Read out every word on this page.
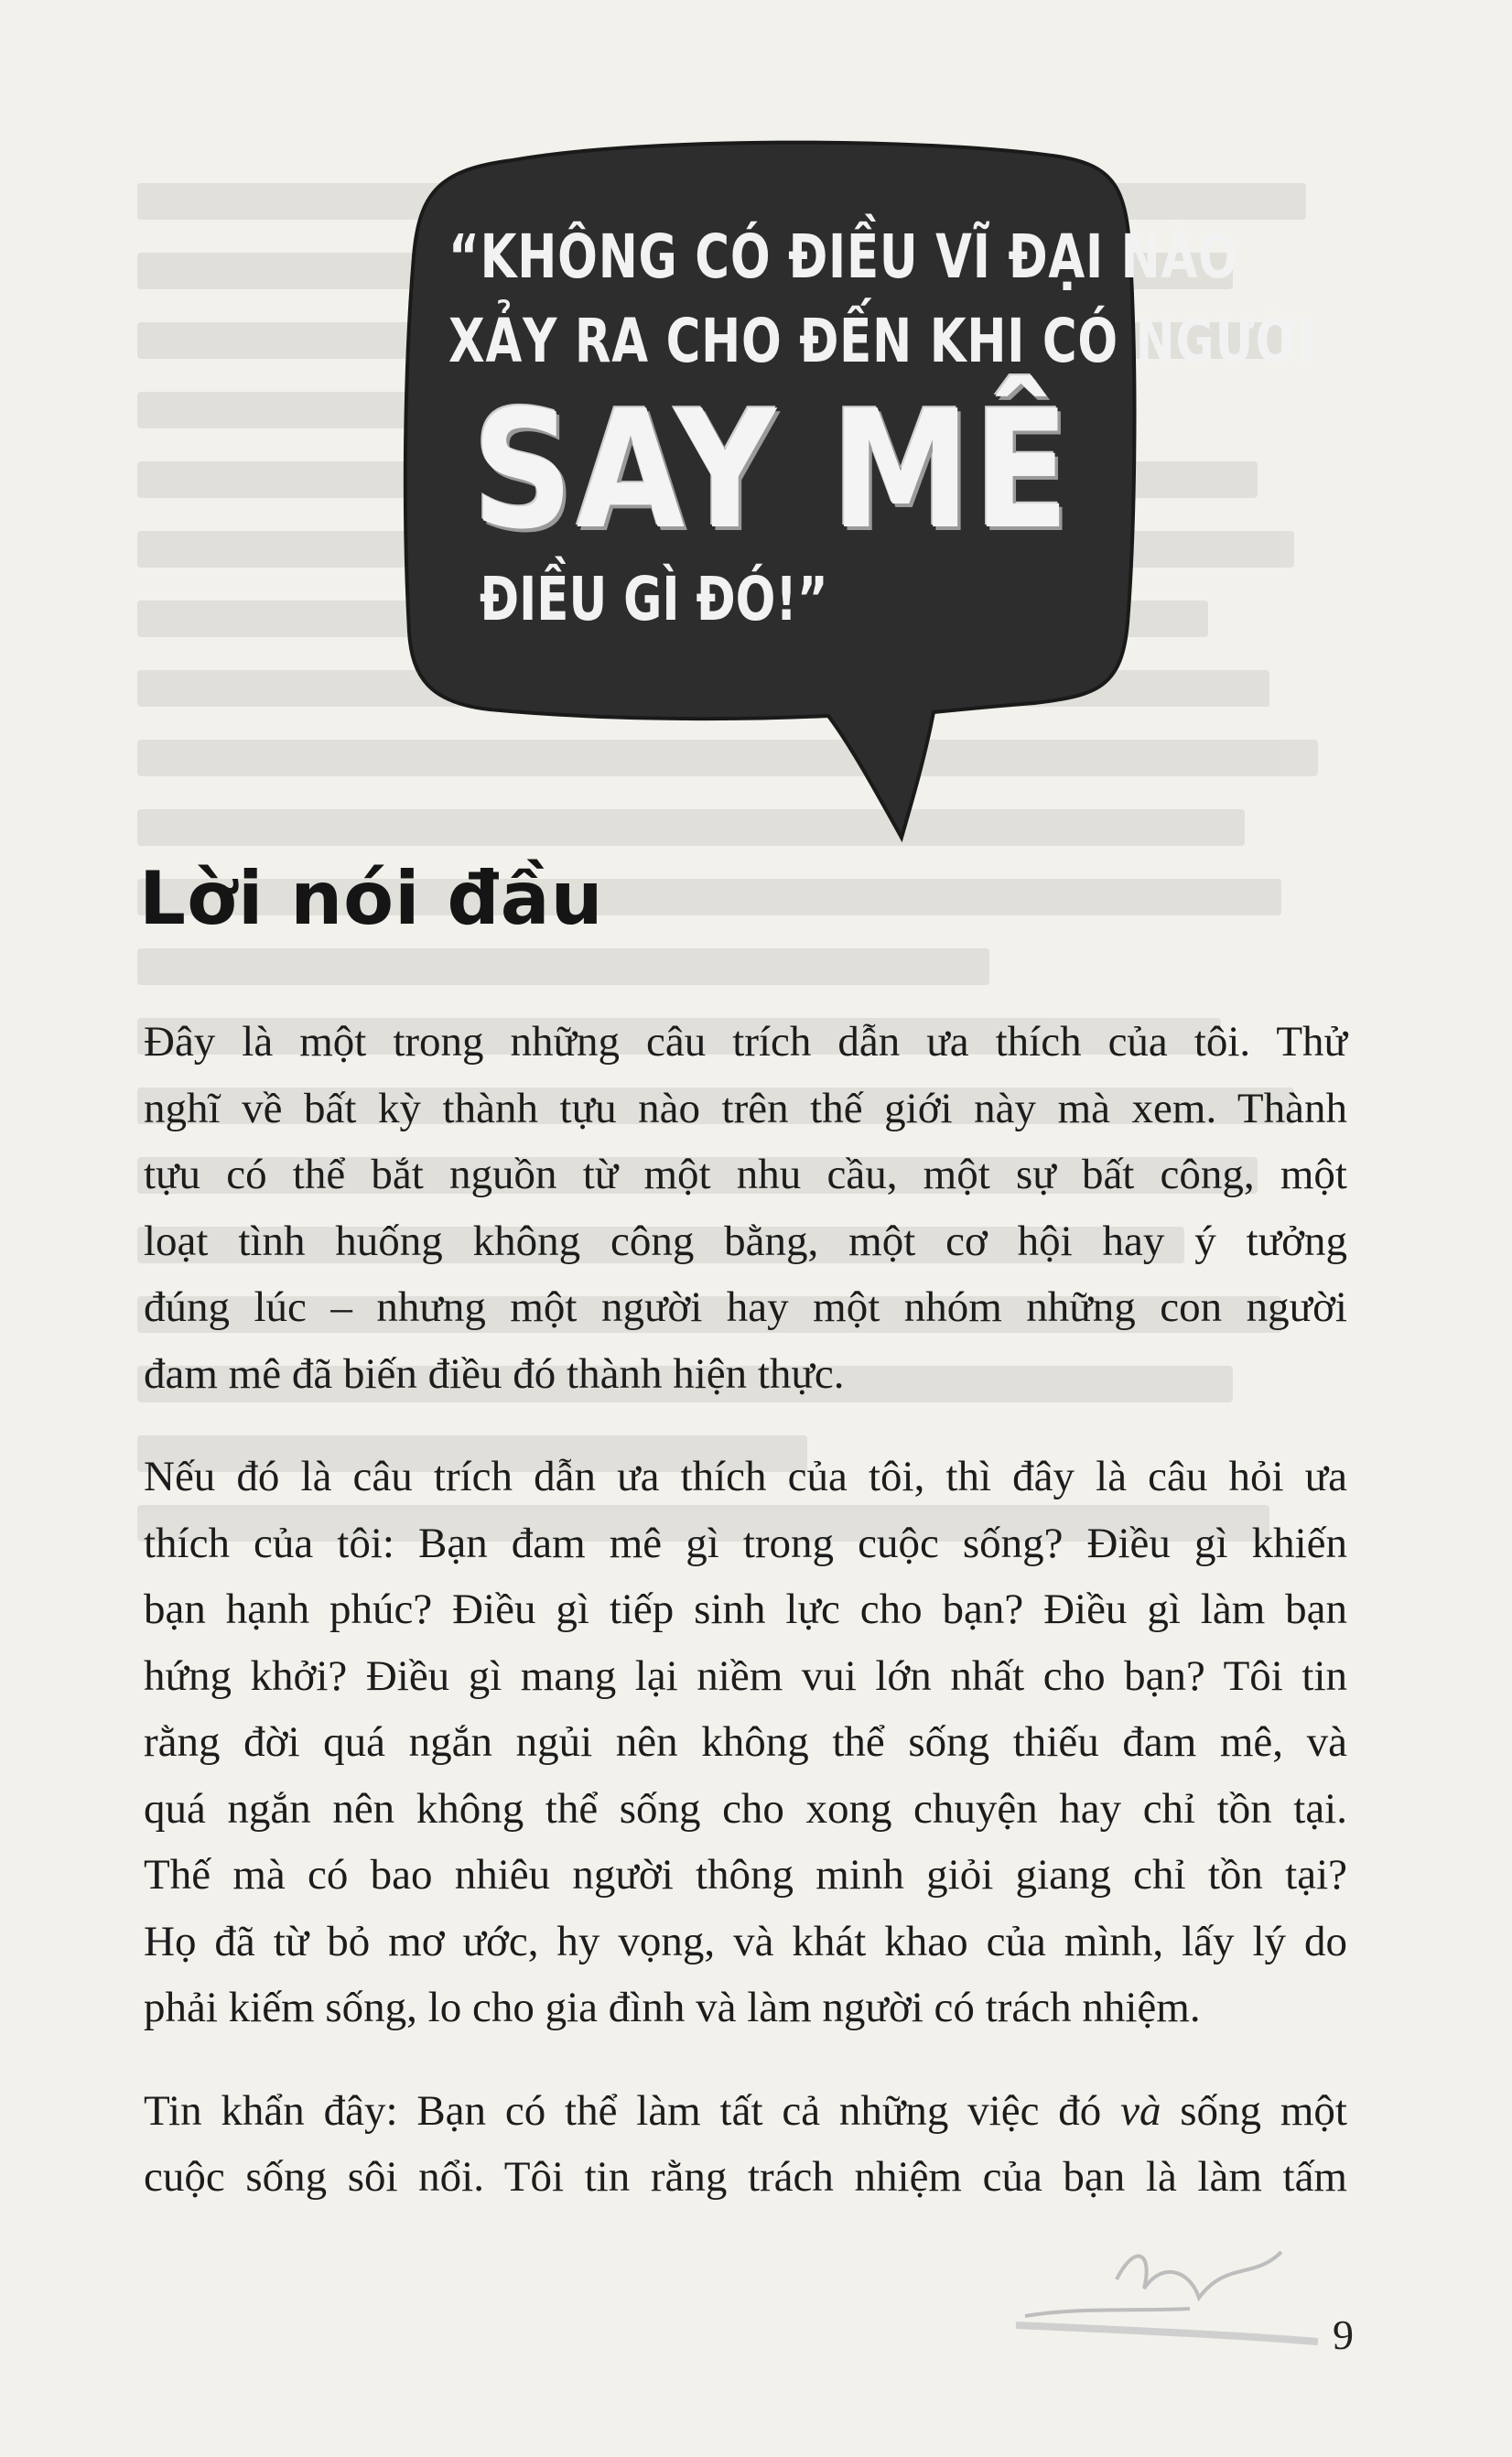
“KHÔNG CÓ ĐIỀU VĨ ĐẠI NÀO
XẢY RA CHO ĐẾN KHI CÓ NGƯỜI
SAY MÊ
ĐIỀU GÌ ĐÓ!”
Lời nói đầu

Đây là một trong những câu trích dẫn ưa thích của tôi. Thử
nghĩ về bất kỳ thành tựu nào trên thế giới này mà xem. Thành
tựu có thể bắt nguồn từ một nhu cầu, một sự bất công, một
loạt tình huống không công bằng, một cơ hội hay ý tưởng
đúng lúc – nhưng một người hay một nhóm những con người
đam mê đã biến điều đó thành hiện thực.

Nếu đó là câu trích dẫn ưa thích của tôi, thì đây là câu hỏi ưa
thích của tôi: Bạn đam mê gì trong cuộc sống? Điều gì khiến
bạn hạnh phúc? Điều gì tiếp sinh lực cho bạn? Điều gì làm bạn
hứng khởi? Điều gì mang lại niềm vui lớn nhất cho bạn? Tôi tin
rằng đời quá ngắn ngủi nên không thể sống thiếu đam mê, và
quá ngắn nên không thể sống cho xong chuyện hay chỉ tồn tại.
Thế mà có bao nhiêu người thông minh giỏi giang chỉ tồn tại?
Họ đã từ bỏ mơ ước, hy vọng, và khát khao của mình, lấy lý do
phải kiếm sống, lo cho gia đình và làm người có trách nhiệm.

Tin khẩn đây: Bạn có thể làm tất cả những việc đó và sống một
cuộc sống sôi nổi. Tôi tin rằng trách nhiệm của bạn là làm tấm

9
